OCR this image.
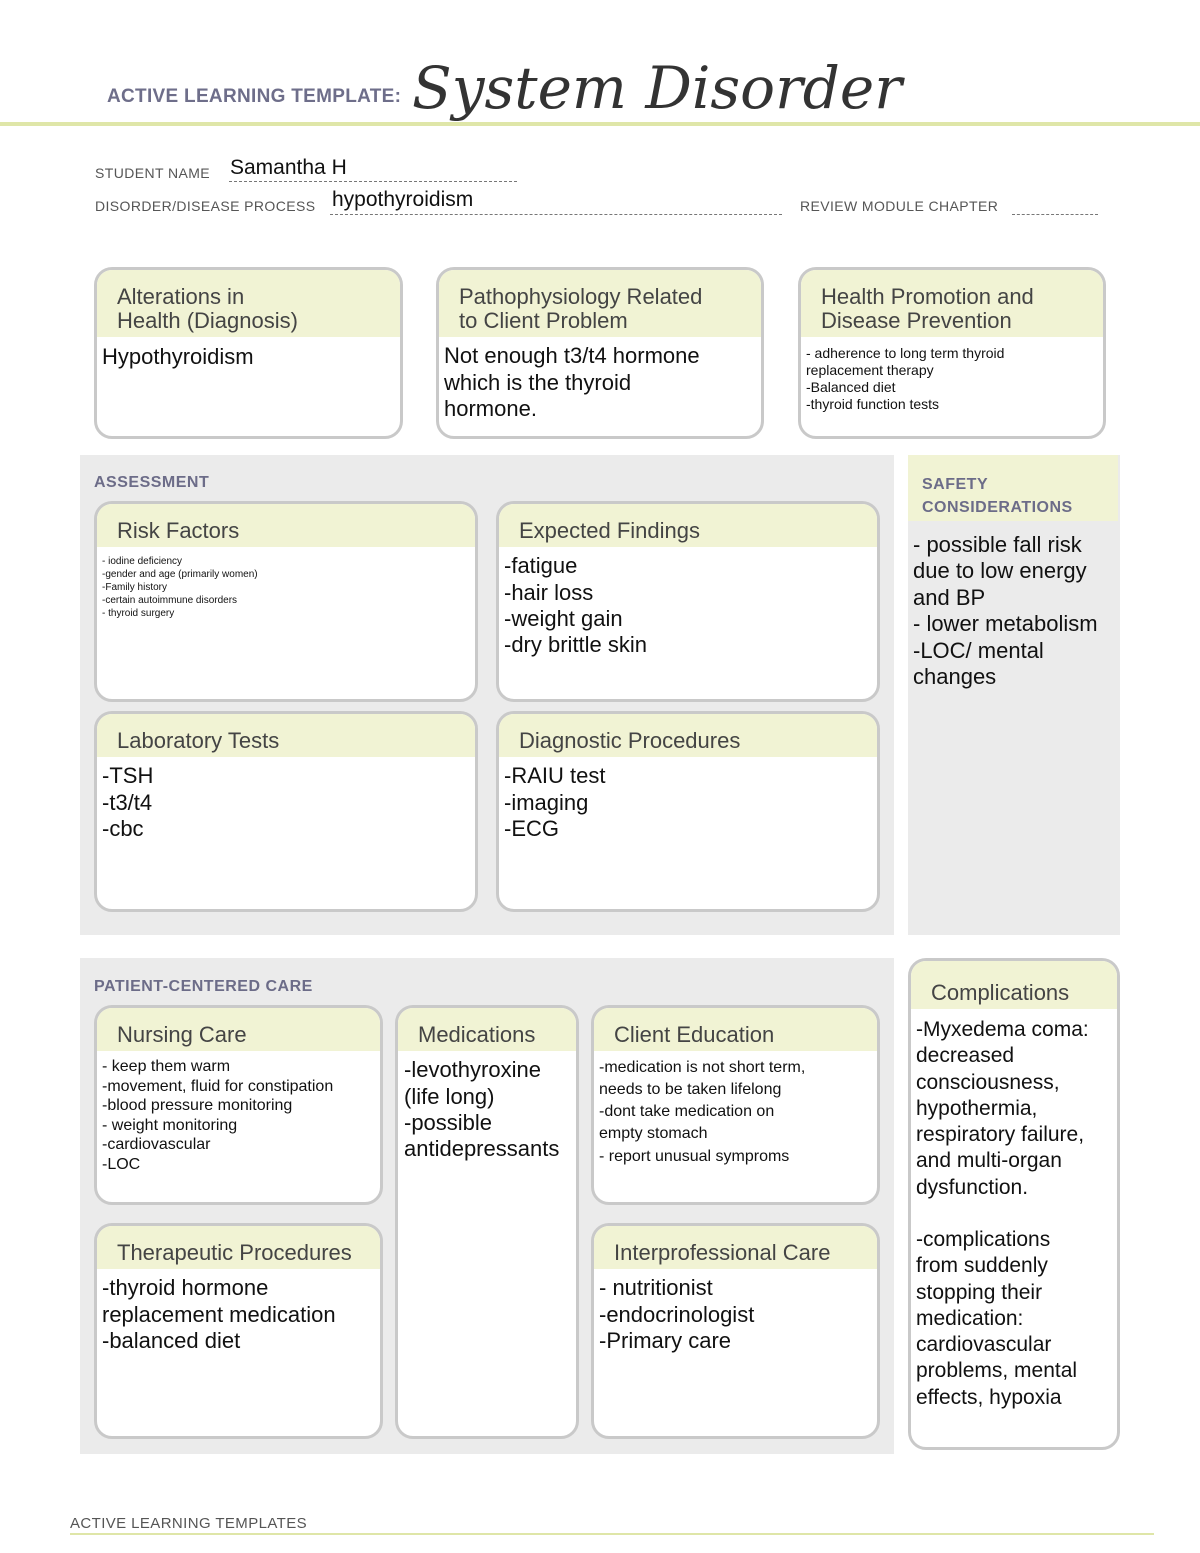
ACTIVE LEARNING TEMPLATE: System Disorder
STUDENT NAME Samantha H
DISORDER/DISEASE PROCESS hypothyroidism	REVIEW MODULE CHAPTER
Alterations in
Health (Diagnosis)
Hypothyroidism
Pathophysiology Related
to Client Problem
Not enough t3/t4 hormone
which is the thyroid
hormone.
Health Promotion and
Disease Prevention
- adherence to long term thyroid
replacement therapy
-Balanced diet
-thyroid function tests
ASSESSMENT
Risk Factors
- iodine deficiency
-gender and age (primarily women)
-Family history
-certain autoimmune disorders
- thyroid surgery
Expected Findings
-fatigue
-hair loss
-weight gain
-dry brittle skin
Laboratory Tests
-TSH
-t3/t4
-cbc
Diagnostic Procedures
-RAIU test
-imaging
-ECG
SAFETY
CONSIDERATIONS
- possible fall risk
due to low energy
and BP
- lower metabolism
-LOC/ mental
changes
PATIENT-CENTERED CARE
Nursing Care
- keep them warm
-movement, fluid for constipation
-blood pressure monitoring
- weight monitoring
-cardiovascular
-LOC
Medications
-levothyroxine
(life long)
-possible
antidepressants
Client Education
-medication is not short term,
needs to be taken lifelong
-dont take medication on
empty stomach
- report unusual symproms
Therapeutic Procedures
-thyroid hormone
replacement medication
-balanced diet
Interprofessional Care
- nutritionist
-endocrinologist
-Primary care
Complications
-Myxedema coma:
decreased
consciousness,
hypothermia,
respiratory failure,
and multi-organ
dysfunction.

-complications
from suddenly
stopping their
medication:
cardiovascular
problems, mental
effects, hypoxia
ACTIVE LEARNING TEMPLATES
